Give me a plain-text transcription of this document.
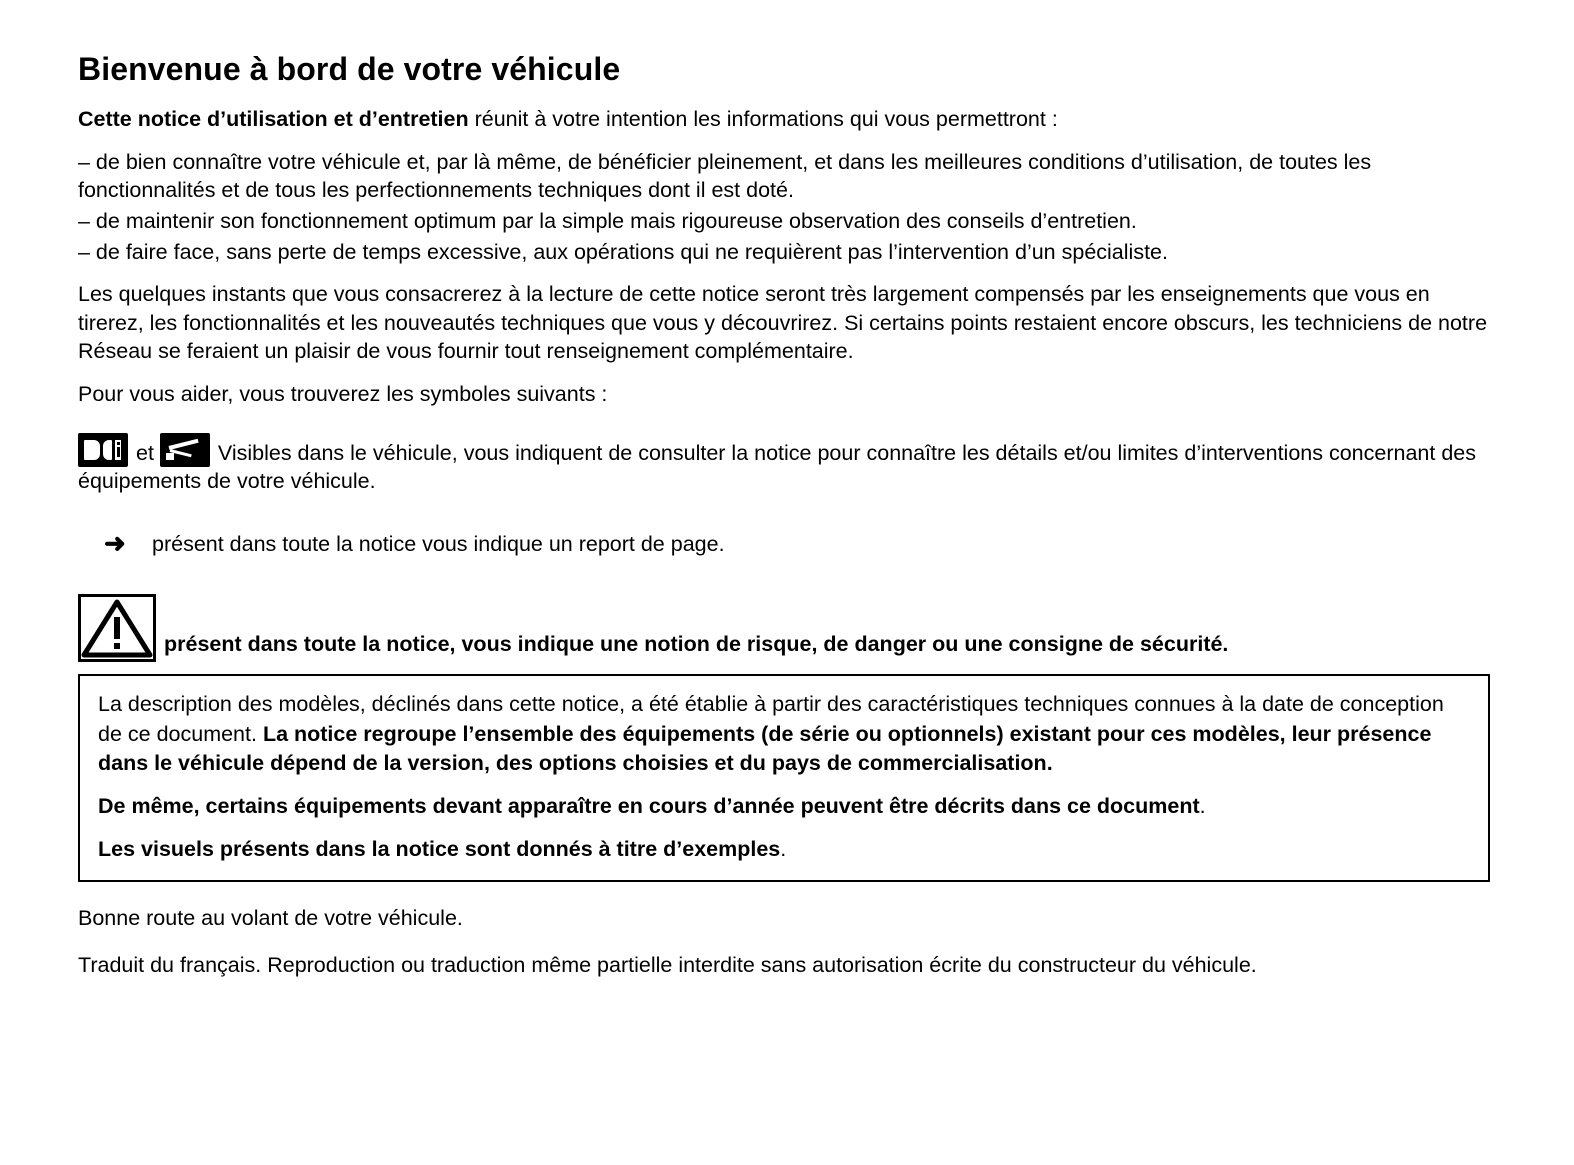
Bienvenue à bord de votre véhicule

Cette notice d’utilisation et d’entretien réunit à votre intention les informations qui vous permettront :

– de bien connaître votre véhicule et, par là même, de bénéficier pleinement, et dans les meilleures conditions d’utilisation, de toutes les fonctionnalités et de tous les perfectionnements techniques dont il est doté.

– de maintenir son fonctionnement optimum par la simple mais rigoureuse observation des conseils d’entretien.

– de faire face, sans perte de temps excessive, aux opérations qui ne requièrent pas l’intervention d’un spécialiste.

Les quelques instants que vous consacrerez à la lecture de cette notice seront très largement compensés par les enseignements que vous en tirerez, les fonctionnalités et les nouveautés techniques que vous y découvrirez. Si certains points restaient encore obscurs, les techniciens de notre Réseau se feraient un plaisir de vous fournir tout renseignement complémentaire.

Pour vous aider, vous trouverez les symboles suivants :

et	Visibles dans le véhicule, vous indiquent de consulter la notice pour connaître les détails et/ou limites d’interventions concernant des équipements de votre véhicule.
➜ présent dans toute la notice vous indique un report de page.
présent dans toute la notice, vous indique une notion de risque, de danger ou une consigne de sécurité.

La description des modèles, déclinés dans cette notice, a été établie à partir des caractéristiques techniques connues à la date de conception de ce document. La notice regroupe l’ensemble des équipements (de série ou optionnels) existant pour ces modèles, leur présence dans le véhicule dépend de la version, des options choisies et du pays de commercialisation.

De même, certains équipements devant apparaître en cours d’année peuvent être décrits dans ce document.

Les visuels présents dans la notice sont donnés à titre d’exemples.

Bonne route au volant de votre véhicule.

Traduit du français. Reproduction ou traduction même partielle interdite sans autorisation écrite du constructeur du véhicule.
